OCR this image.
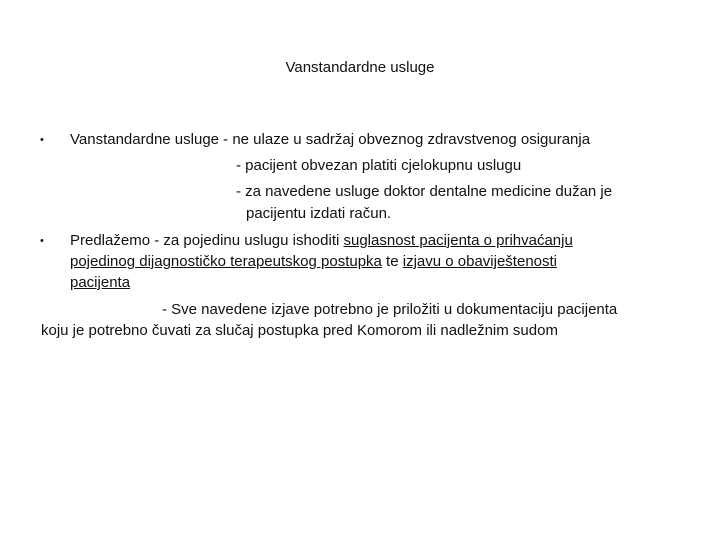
Vanstandardne usluge
• Vanstandardne usluge - ne ulaze u sadržaj obveznog zdravstvenog osiguranja
- pacijent obvezan platiti cjelokupnu uslugu
- za navedene usluge doktor dentalne medicine dužan je
pacijentu izdati račun.
• Predlažemo - za pojedinu uslugu ishoditi suglasnost pacijenta o prihvaćanju
pojedinog dijagnostičko terapeutskog postupka te izjavu o obaviještenosti
pacijenta
- Sve navedene izjave potrebno je priložiti u dokumentaciju pacijenta
koju je potrebno čuvati za slučaj postupka pred Komorom ili nadležnim sudom
